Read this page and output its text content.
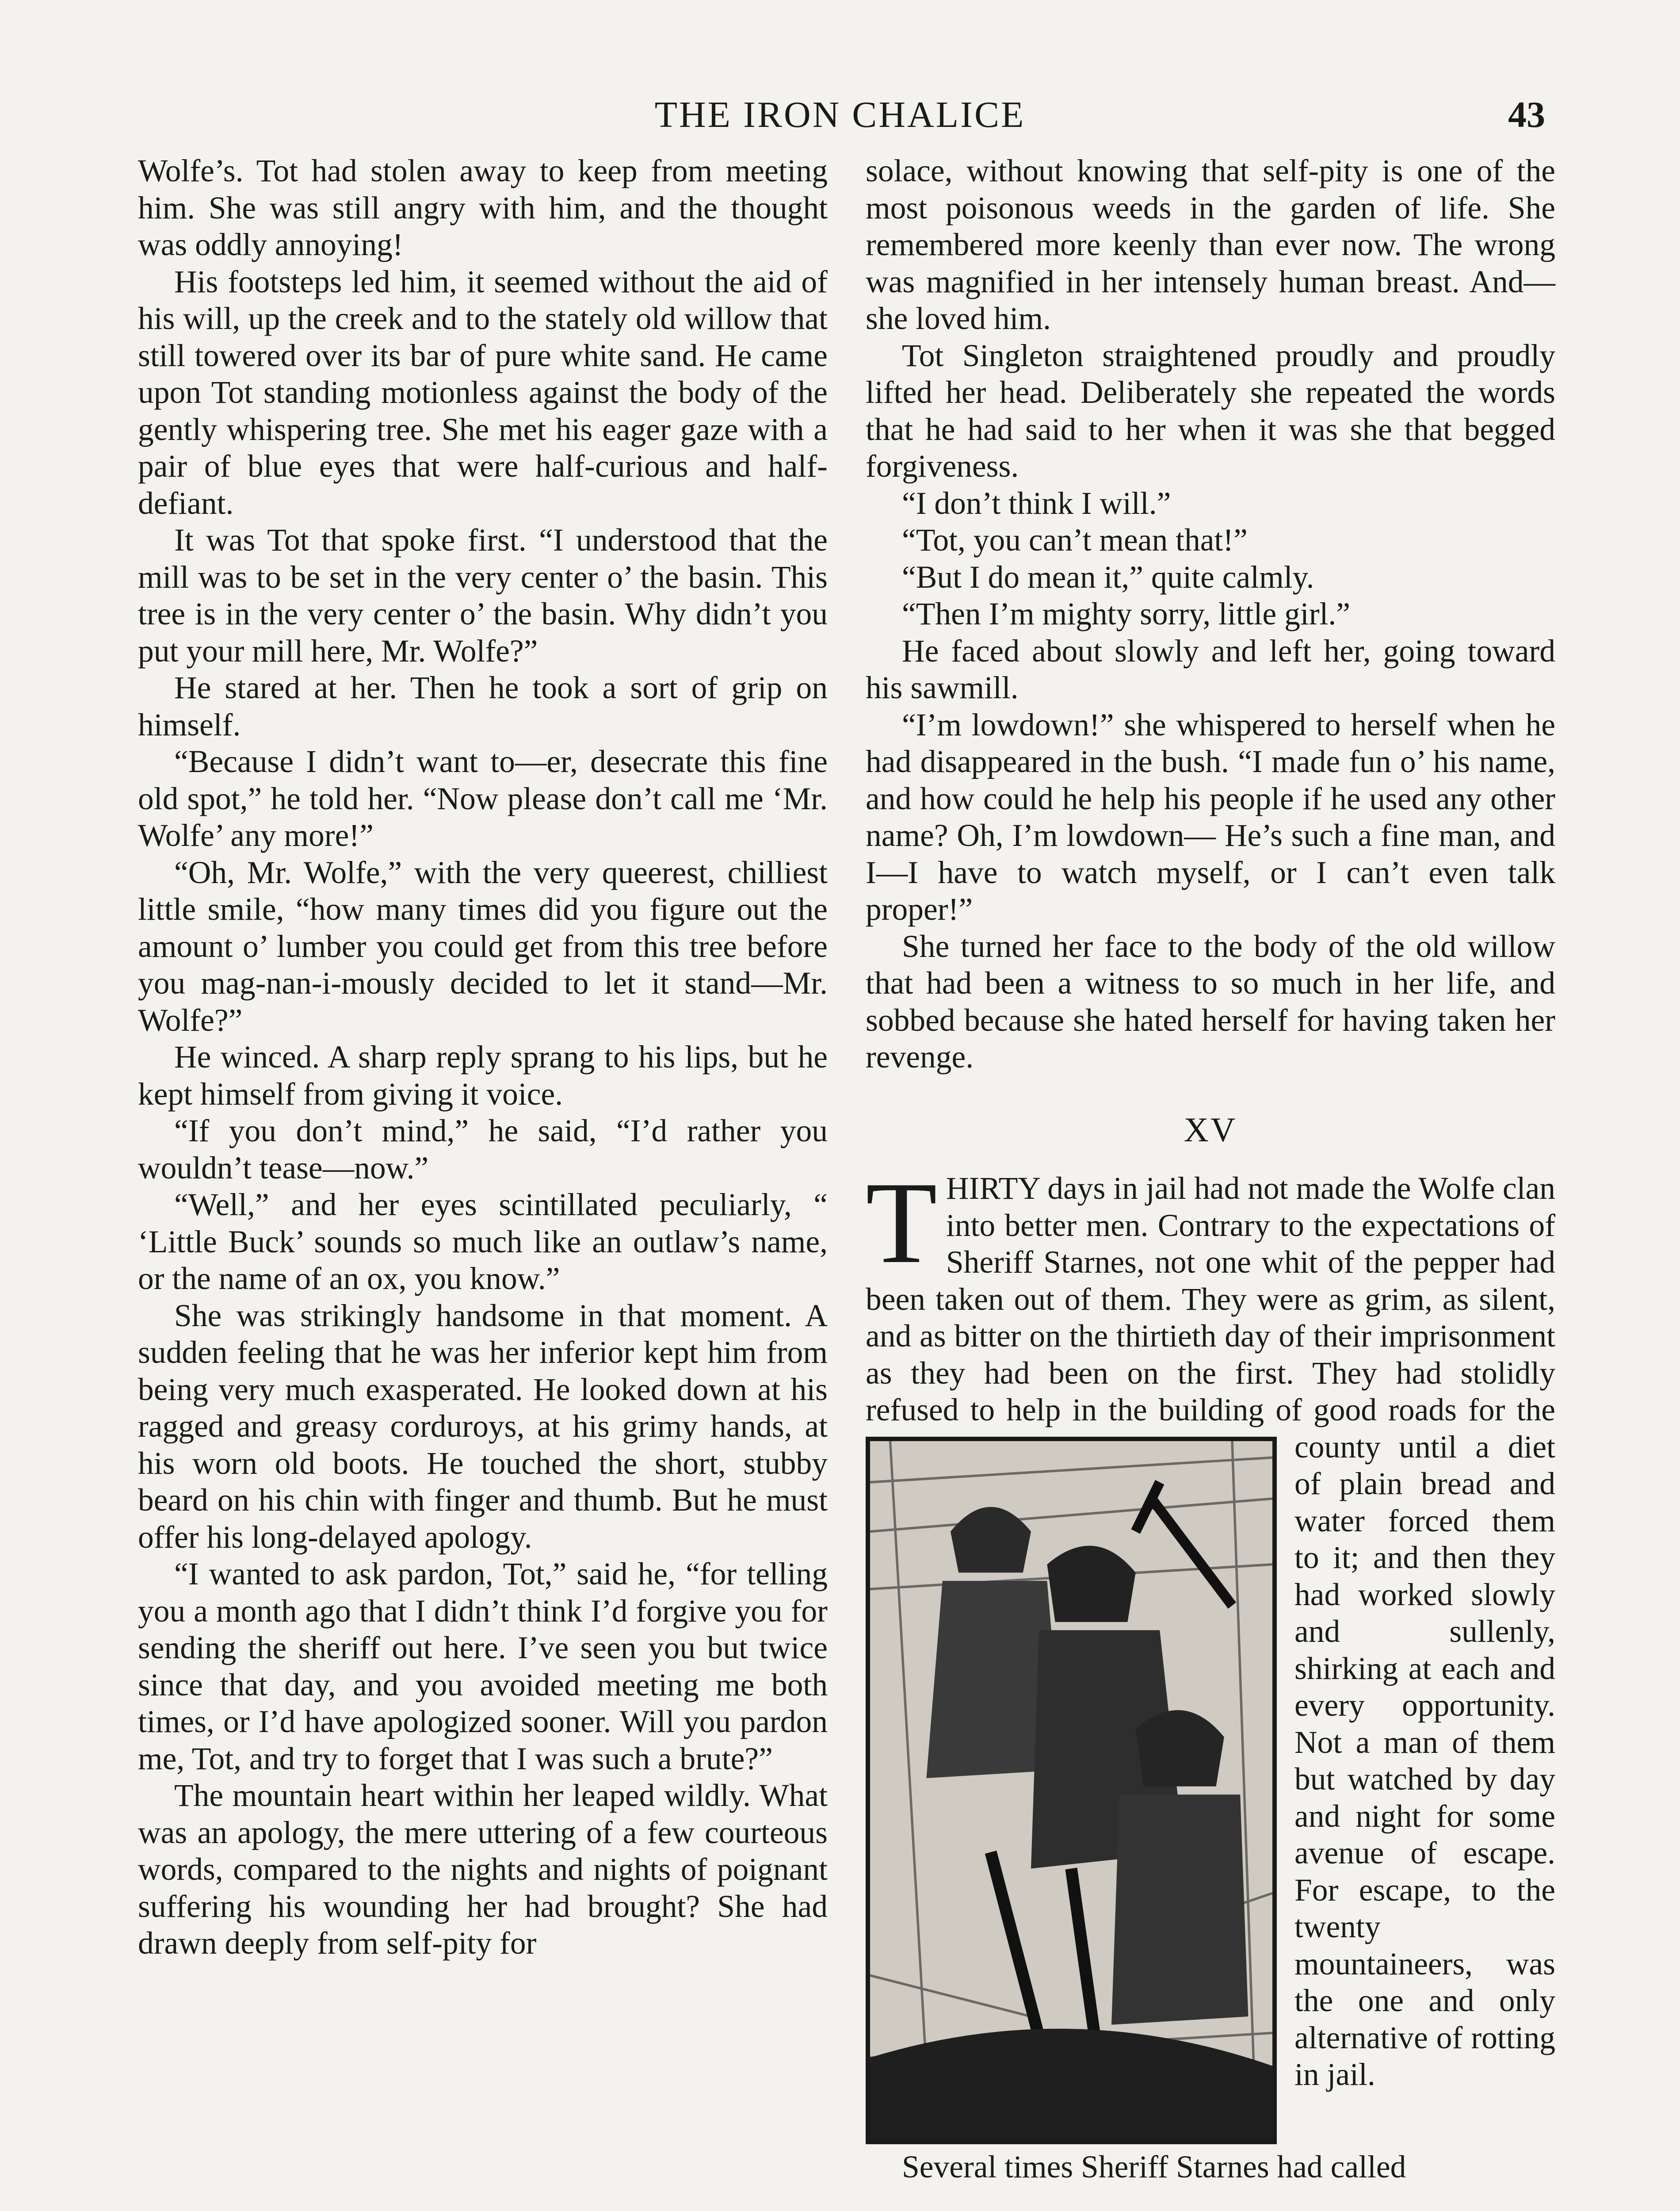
THE IRON CHALICE	43

Wolfe’s. Tot had stolen away to keep from meeting him. She was still angry with him, and the thought was oddly annoying!

His footsteps led him, it seemed without the aid of his will, up the creek and to the stately old willow that still towered over its bar of pure white sand. He came upon Tot standing motionless against the body of the gently whispering tree. She met his eager gaze with a pair of blue eyes that were half-curious and half-defiant.

It was Tot that spoke first. “I understood that the mill was to be set in the very center o’ the basin. This tree is in the very center o’ the basin. Why didn’t you put your mill here, Mr. Wolfe?”

He stared at her. Then he took a sort of grip on himself.

“Because I didn’t want to—er, desecrate this fine old spot,” he told her. “Now please don’t call me ‘Mr. Wolfe’ any more!”

“Oh, Mr. Wolfe,” with the very queerest, chilliest little smile, “how many times did you figure out the amount o’ lumber you could get from this tree before you mag-nan-i-mously decided to let it stand—Mr. Wolfe?”

He winced. A sharp reply sprang to his lips, but he kept himself from giving it voice.

“If you don’t mind,” he said, “I’d rather you wouldn’t tease—now.”

“Well,” and her eyes scintillated peculiarly, “ ‘Little Buck’ sounds so much like an outlaw’s name, or the name of an ox, you know.”

She was strikingly handsome in that moment. A sudden feeling that he was her inferior kept him from being very much exasperated. He looked down at his ragged and greasy corduroys, at his grimy hands, at his worn old boots. He touched the short, stubby beard on his chin with finger and thumb. But he must offer his long-delayed apology.

“I wanted to ask pardon, Tot,” said he, “for telling you a month ago that I didn’t think I’d forgive you for sending the sheriff out here. I’ve seen you but twice since that day, and you avoided meeting me both times, or I’d have apologized sooner. Will you pardon me, Tot, and try to forget that I was such a brute?”

The mountain heart within her leaped wildly. What was an apology, the mere uttering of a few courteous words, compared to the nights and nights of poignant suffering his wounding her had brought? She had drawn deeply from self-pity for

solace, without knowing that self-pity is one of the most poisonous weeds in the garden of life. She remembered more keenly than ever now. The wrong was magnified in her intensely human breast. And—she loved him.

Tot Singleton straightened proudly and proudly lifted her head. Deliberately she repeated the words that he had said to her when it was she that begged forgiveness.

“I don’t think I will.”

“Tot, you can’t mean that!”

“But I do mean it,” quite calmly.

“Then I’m mighty sorry, little girl.”

He faced about slowly and left her, going toward his sawmill.

“I’m lowdown!” she whispered to herself when he had disappeared in the bush. “I made fun o’ his name, and how could he help his people if he used any other name? Oh, I’m lowdown— He’s such a fine man, and I—I have to watch myself, or I can’t even talk proper!”

She turned her face to the body of the old willow that had been a witness to so much in her life, and sobbed because she hated herself for having taken her revenge.

XV
T HIRTY days in jail had not made the Wolfe clan into better men. Contrary to the expectations of Sheriff Starnes, not one whit of the pepper had been taken out of them. They were as grim, as silent, and as bitter on the thirtieth day of their imprisonment as they had been on the first. They had stolidly refused to help in the building of good roads
for the county until a diet of plain bread and water forced them to it; and then they had worked slowly and sullenly, shirking at each and every opportunity. Not a man of them but watched by day and night for some avenue of escape. For escape, to the twenty mountaineers, was the one and only alternative of rotting in jail.

Several times Sheriff Starnes had called
